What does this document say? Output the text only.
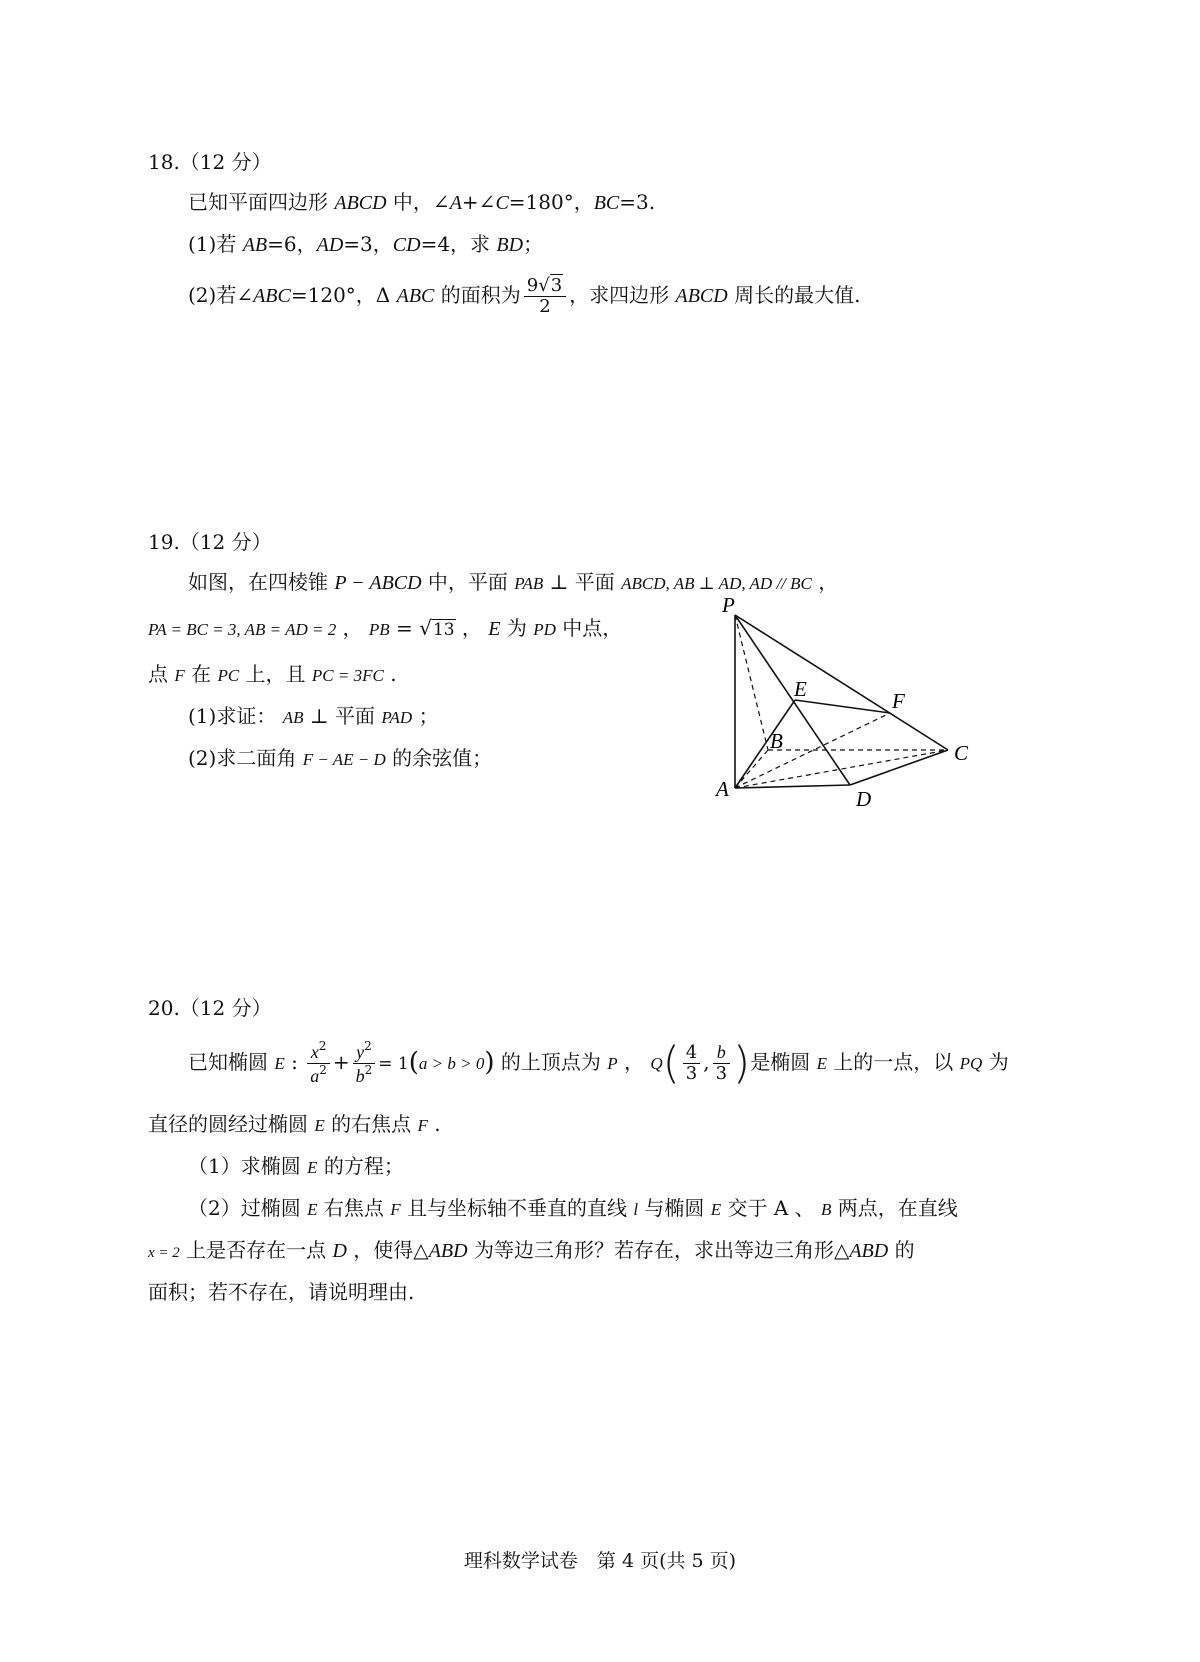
18.（12 分）
已知平面四边形 ABCD 中，∠A+∠C=180°，BC=3.
(1)若 AB=6，AD=3，CD=4，求 BD；
(2)若∠ABC=120°，Δ ABC 的面积为 $\frac{9√3}{2}$ ，求四边形 ABCD 周长的最大值.
19.（12 分）
如图，在四棱锥 P − ABCD 中，平面 PAB ⊥ 平面 ABCD, AB ⊥ AD, AD // BC ，
PA = BC = 3, AB = AD = 2 ， PB = √13 ， E 为 PD 中点，
点 F 在 PC 上，且 PC = 3FC .
(1)求证： AB ⊥ 平面 PAD ；
(2)求二面角 F − AE − D 的余弦值；
P
E	F
B	C
A	D
20.（12 分）
已知椭圆 E : $\frac{x^2}{a^2} + \frac{y^2}{b^2} = 1(a > b > 0)$ 的上顶点为 P ， $Q( \frac{4}{3}$ , $\frac{b}{3}$ )是椭圆 E 上的一点，以 PQ 为
直径的圆经过椭圆 E 的右焦点 F .
（1）求椭圆 E 的方程；
（2）过椭圆 E 右焦点 F 且与坐标轴不垂直的直线 l 与椭圆 E 交于 A 、 B 两点，在直线
x = 2 上是否存在一点 D ，使得△ABD 为等边三角形？若存在，求出等边三角形△ABD 的
面积；若不存在，请说明理由.
理科数学试卷　第 4 页(共 5 页)
